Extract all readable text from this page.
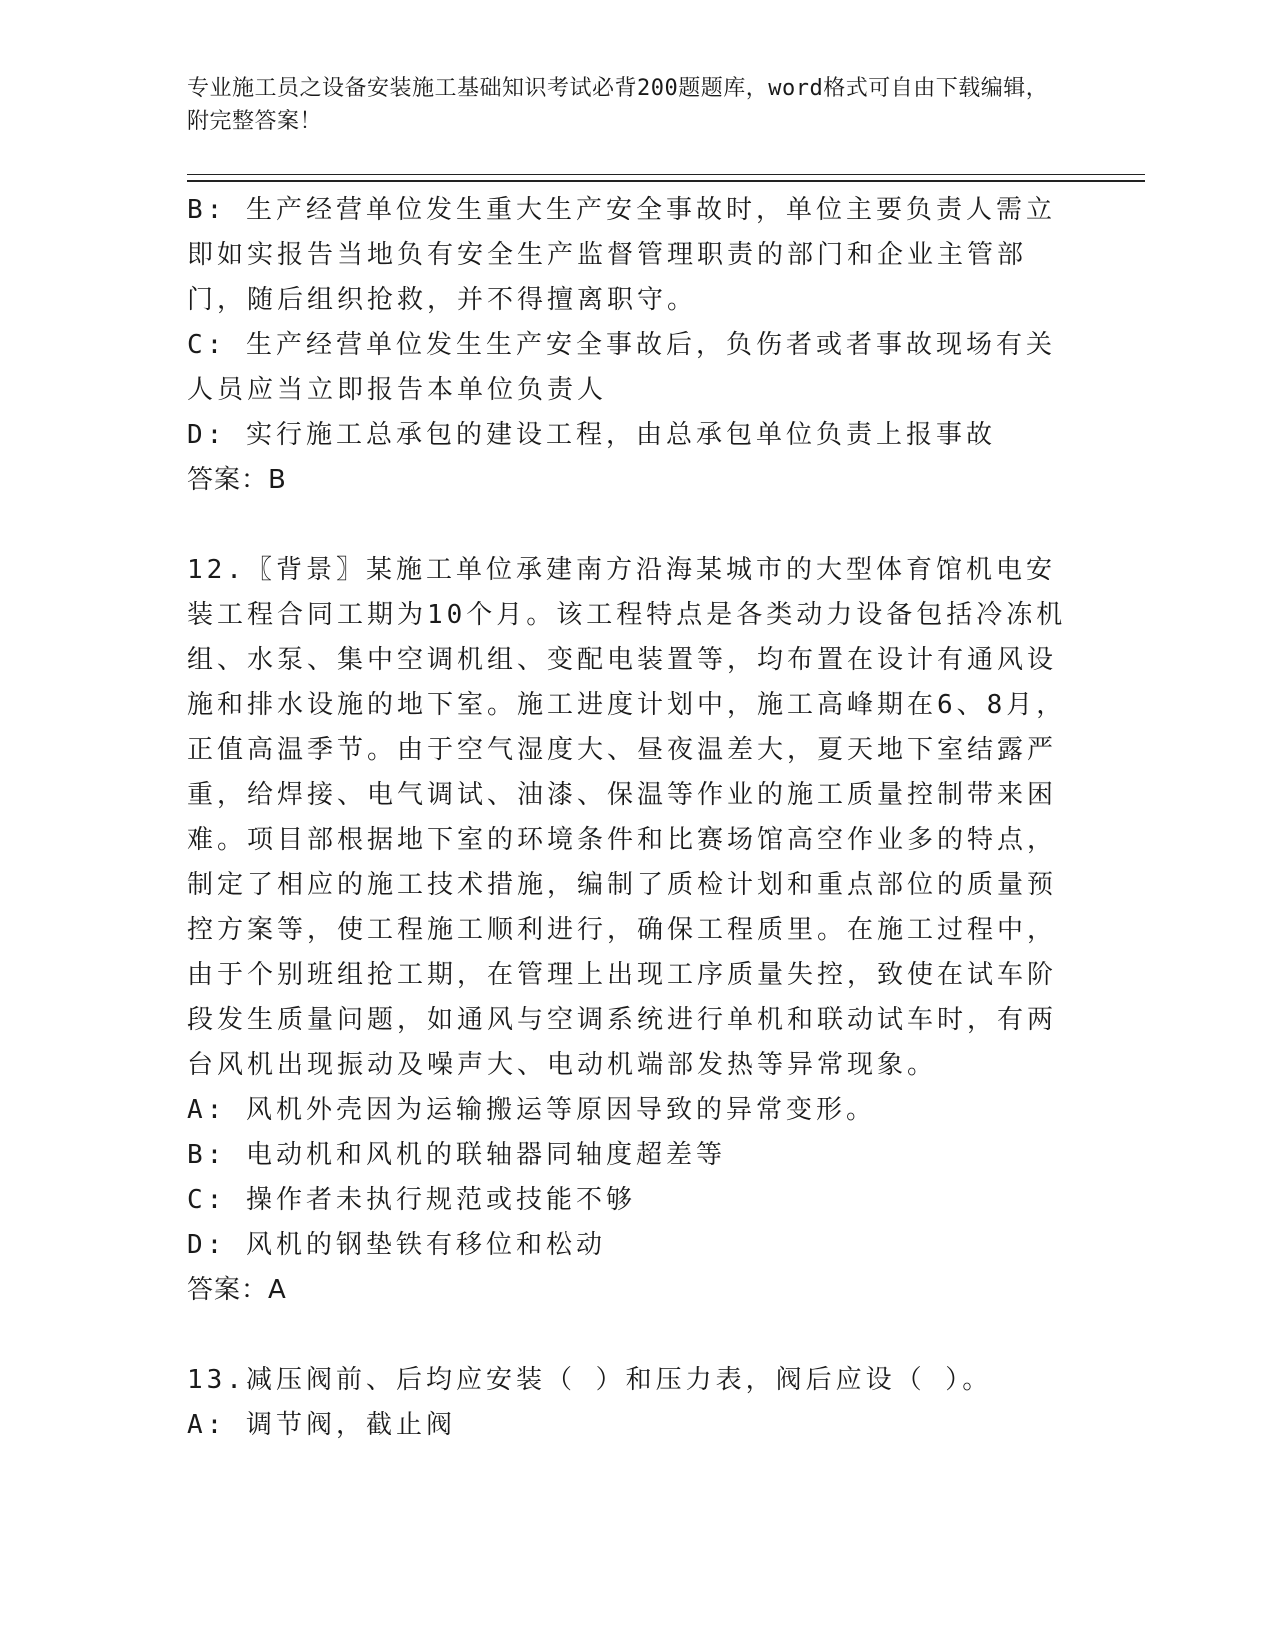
专业施工员之设备安装施工基础知识考试必背200题题库，word格式可自由下载编辑，附完整答案！

B: 生产经营单位发生重大生产安全事故时，单位主要负责人需立即如实报告当地负有安全生产监督管理职责的部门和企业主管部门，随后组织抢救，并不得擅离职守。

C: 生产经营单位发生生产安全事故后，负伤者或者事故现场有关人员应当立即报告本单位负责人

D: 实行施工总承包的建设工程，由总承包单位负责上报事故

答案：B

12.〖背景〗某施工单位承建南方沿海某城市的大型体育馆机电安装工程合同工期为10个月。该工程特点是各类动力设备包括冷冻机组、水泵、集中空调机组、变配电装置等，均布置在设计有通风设施和排水设施的地下室。施工进度计划中，施工高峰期在6、8月，正值高温季节。由于空气湿度大、昼夜温差大，夏天地下室结露严重，给焊接、电气调试、油漆、保温等作业的施工质量控制带来困难。项目部根据地下室的环境条件和比赛场馆高空作业多的特点，制定了相应的施工技术措施，编制了质检计划和重点部位的质量预控方案等，使工程施工顺利进行，确保工程质里。在施工过程中，由于个别班组抢工期，在管理上出现工序质量失控，致使在试车阶段发生质量问题，如通风与空调系统进行单机和联动试车时，有两台风机出现振动及噪声大、电动机端部发热等异常现象。

A: 风机外壳因为运输搬运等原因导致的异常变形。

B: 电动机和风机的联轴器同轴度超差等

C: 操作者未执行规范或技能不够

D: 风机的钢垫铁有移位和松动

答案：A

13.减压阀前、后均应安装（ ）和压力表，阀后应设（ ）。

A: 调节阀，截止阀
